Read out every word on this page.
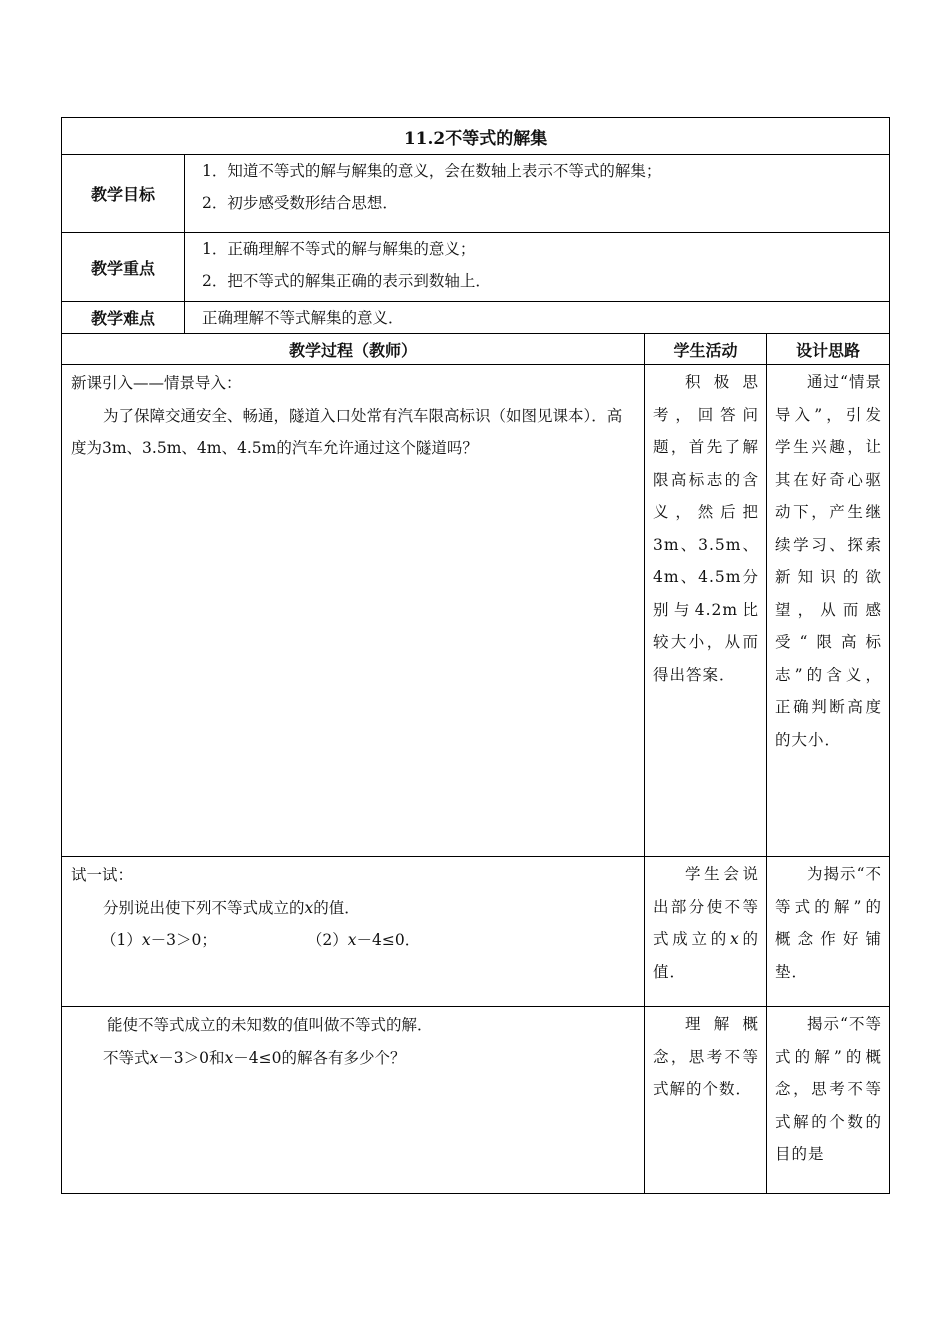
11.2不等式的解集			
教学目标	1．知道不等式的解与解集的意义，会在数轴上表示不等式的解集；
2．初步感受数形结合思想．		

教学重点	1．正确理解不等式的解与解集的意义；
2．把不等式的解集正确的表示到数轴上．		

教学难点	正确理解不等式解集的意义．		

教学过程（教师）		学生活动	设计思路

新课引入——情景导入：
为了保障交通安全、畅通，隧道入口处常有汽车限高标识（如图见课本）．高度为3m、3.5m、4m、4.5m的汽车允许通过这个隧道吗？		积极思考，回答问题，首先了解限高标志的含义，然后把3m、3.5m、4m、4.5m分别与4.2m比较大小，从而得出答案．	通过“情景导入”，引发学生兴趣，让其在好奇心驱动下，产生继续学习、探索新知识的欲望，从而感受“限高标志”的含义，正确判断高度的大小．

试一试：
分别说出使下列不等式成立的x的值．
（1）x－3＞0； （2）x－4≤0．		学生会说出部分使不等式成立的x的值．	为揭示“不等式的解”的概念作好铺垫．

能使不等式成立的未知数的值叫做不等式的解．
不等式x－3＞0和x－4≤0的解各有多少个？		理解概念，思考不等式解的个数．	揭示“不等式的解”的概念，思考不等式解的个数的目的是
